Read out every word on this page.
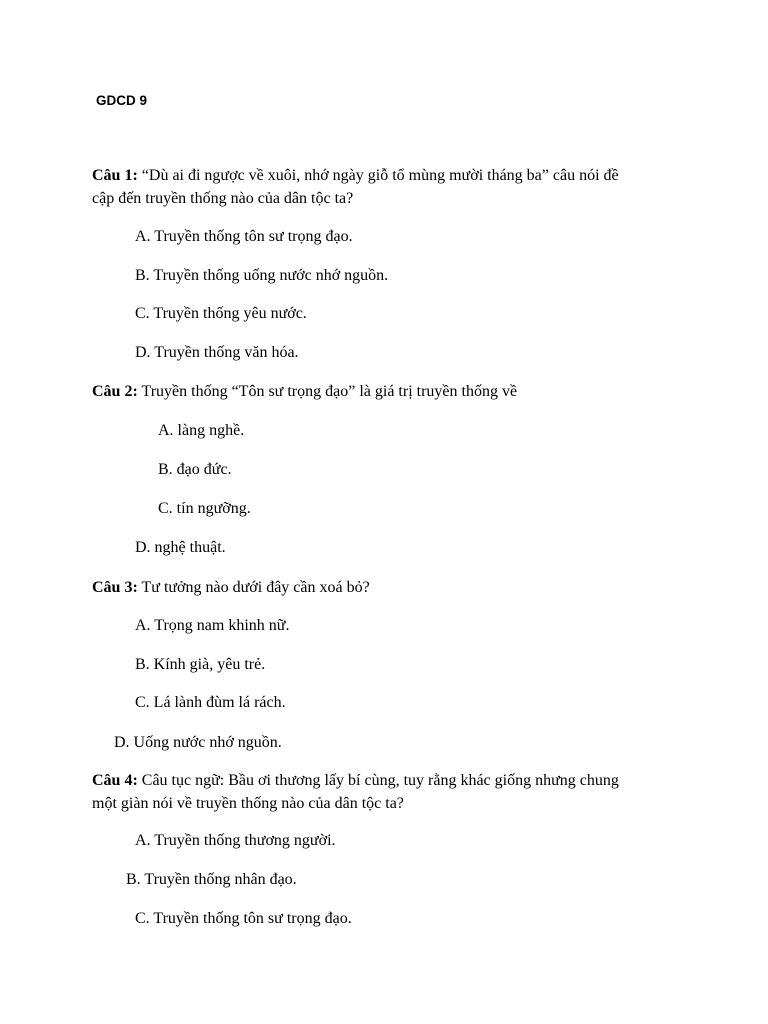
GDCD 9
Câu 1: “Dù ai đi ngược về xuôi, nhớ ngày giỗ tổ mùng mười tháng ba” câu nói đề
cập đến truyền thống nào của dân tộc ta?
A. Truyền thống tôn sư trọng đạo.
B. Truyền thống uống nước nhớ nguồn.
C. Truyền thống yêu nước.
D. Truyền thống văn hóa.
Câu 2: Truyền thống “Tôn sư trọng đạo” là giá trị truyền thống về
A. làng nghề.
B. đạo đức.
C. tín ngưỡng.
D. nghệ thuật.
Câu 3: Tư tưởng nào dưới đây cần xoá bỏ?
A. Trọng nam khinh nữ.
B. Kính già, yêu trẻ.
C. Lá lành đùm lá rách.
D. Uống nước nhớ nguồn.
Câu 4: Câu tục ngữ: Bầu ơi thương lấy bí cùng, tuy rằng khác giống nhưng chung
một giàn nói về truyền thống nào của dân tộc ta?
A. Truyền thống thương người.
B. Truyền thống nhân đạo.
C. Truyền thống tôn sư trọng đạo.
